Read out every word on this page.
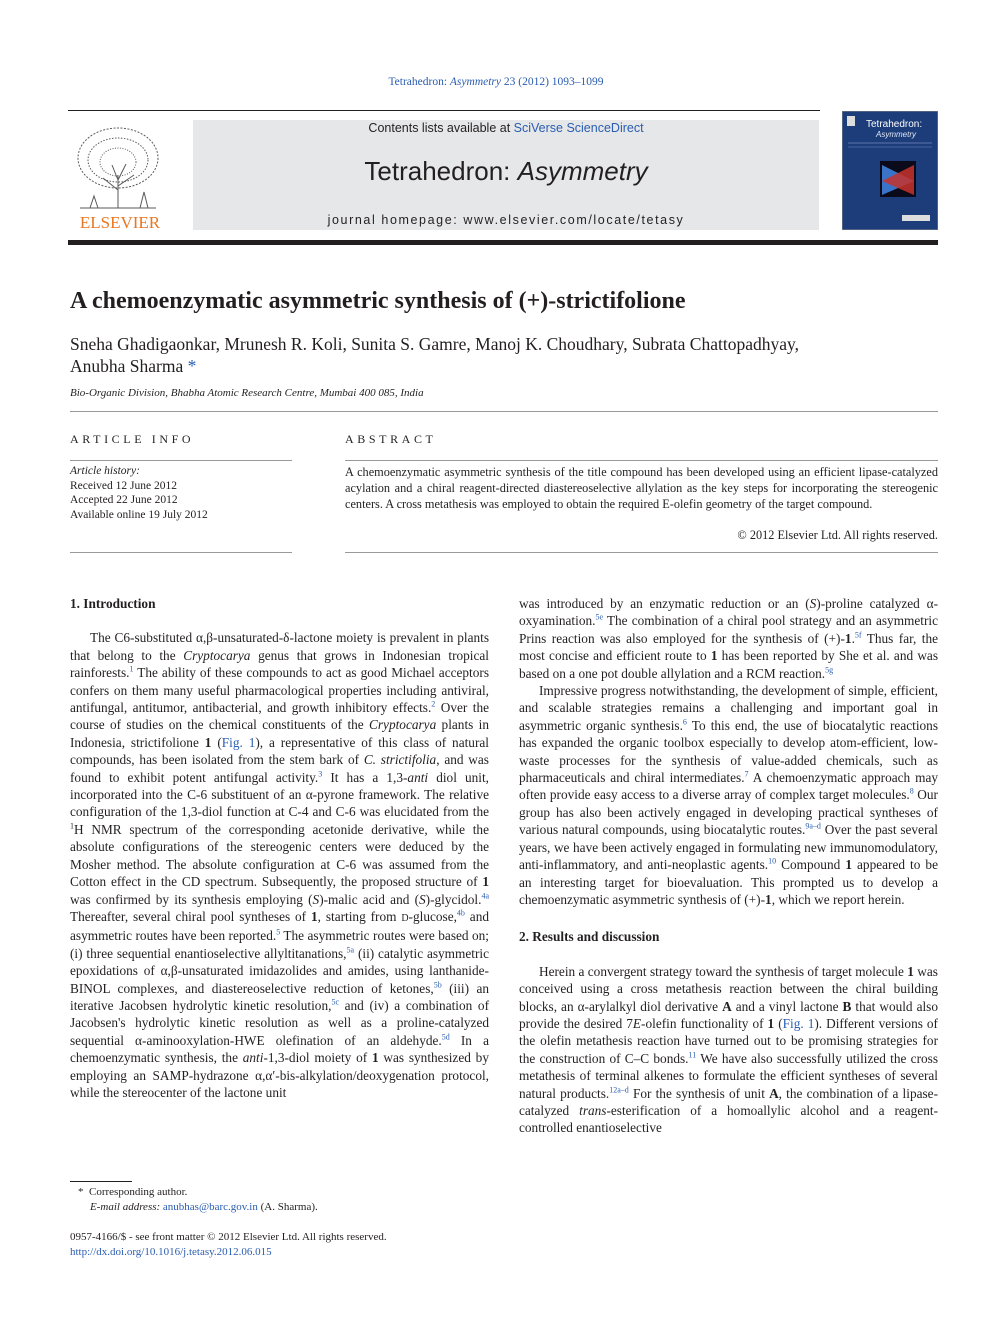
Tetrahedron: Asymmetry 23 (2012) 1093–1099
ELSEVIER
Contents lists available at SciVerse ScienceDirect
Tetrahedron: Asymmetry
journal homepage: www.elsevier.com/locate/tetasy
Tetrahedron:
Asymmetry
A chemoenzymatic asymmetric synthesis of (+)-strictifolione
Sneha Ghadigaonkar, Mrunesh R. Koli, Sunita S. Gamre, Manoj K. Choudhary, Subrata Chattopadhyay,
Anubha Sharma *
Bio-Organic Division, Bhabha Atomic Research Centre, Mumbai 400 085, India
ARTICLE INFO
Article history:
Received 12 June 2012
Accepted 22 June 2012
Available online 19 July 2012
ABSTRACT
A chemoenzymatic asymmetric synthesis of the title compound has been developed using an efficient lipase-catalyzed acylation and a chiral reagent-directed diastereoselective allylation as the key steps for incorporating the stereogenic centers. A cross metathesis was employed to obtain the required E-olefin geometry of the target compound.
© 2012 Elsevier Ltd. All rights reserved.
1. Introduction

The C6-substituted α,β-unsaturated-δ-lactone moiety is prevalent in plants that belong to the Cryptocarya genus that grows in Indonesian tropical rainforests.$^1$ The ability of these compounds to act as good Michael acceptors confers on them many useful pharmacological properties including antiviral, antifungal, antitumor, antibacterial, and growth inhibitory effects.$^2$ Over the course of studies on the chemical constituents of the Cryptocarya plants in Indonesia, strictifolione 1 (Fig. 1), a representative of this class of natural compounds, has been isolated from the stem bark of C. strictifolia, and was found to exhibit potent antifungal activity.$^3$ It has a 1,3-anti diol unit, incorporated into the C-6 substituent of an α-pyrone framework. The relative configuration of the 1,3-diol function at C-4 and C-6 was elucidated from the $^1$H NMR spectrum of the corresponding acetonide derivative, while the absolute configurations of the stereogenic centers were deduced by the Mosher method. The absolute configuration at C-6 was assumed from the Cotton effect in the CD spectrum. Subsequently, the proposed structure of 1 was confirmed by its synthesis employing (S)-malic acid and (S)-glycidol.$^{4a}$ Thereafter, several chiral pool syntheses of 1, starting from D-glucose,$^{4b}$ and asymmetric routes have been reported.$^5$ The asymmetric routes were based on; (i) three sequential enantioselective allyltitanations,$^{5a}$ (ii) catalytic asymmetric epoxidations of α,β-unsaturated imidazolides and amides, using lanthanide-BINOL complexes, and diastereoselective reduction of ketones,$^{5b}$ (iii) an iterative Jacobsen hydrolytic kinetic resolution,$^{5c}$ and (iv) a combination of Jacobsen's hydrolytic kinetic resolution as well as a proline-catalyzed sequential α-aminooxylation-HWE olefination of an aldehyde.$^{5d}$ In a chemoenzymatic synthesis, the anti-1,3-diol moiety of 1 was synthesized by employing an SAMP-hydrazone α,α′-bis-alkylation/deoxygenation protocol, while the stereocenter of the lactone unit

was introduced by an enzymatic reduction or an (S)-proline catalyzed α-oxyamination.$^{5e}$ The combination of a chiral pool strategy and an asymmetric Prins reaction was also employed for the synthesis of (+)-1.$^{5f}$ Thus far, the most concise and efficient route to 1 has been reported by She et al. and was based on a one pot double allylation and a RCM reaction.$^{5g}$

Impressive progress notwithstanding, the development of simple, efficient, and scalable strategies remains a challenging and important goal in asymmetric organic synthesis.$^6$ To this end, the use of biocatalytic reactions has expanded the organic toolbox especially to develop atom-efficient, low-waste processes for the synthesis of value-added chemicals, such as pharmaceuticals and chiral intermediates.$^7$ A chemoenzymatic approach may often provide easy access to a diverse array of complex target molecules.$^8$ Our group has also been actively engaged in developing practical syntheses of various natural compounds, using biocatalytic routes.$^{9a-d}$ Over the past several years, we have been actively engaged in formulating new immunomodulatory, anti-inflammatory, and anti-neoplastic agents.$^{10}$ Compound 1 appeared to be an interesting target for bioevaluation. This prompted us to develop a chemoenzymatic asymmetric synthesis of (+)-1, which we report herein.

2. Results and discussion

Herein a convergent strategy toward the synthesis of target molecule 1 was conceived using a cross metathesis reaction between the chiral building blocks, an α-arylalkyl diol derivative A and a vinyl lactone B that would also provide the desired 7E-olefin functionality of 1 (Fig. 1). Different versions of the olefin metathesis reaction have turned out to be promising strategies for the construction of C–C bonds.$^{11}$ We have also successfully utilized the cross metathesis of terminal alkenes to formulate the efficient syntheses of several natural products.$^{12a-d}$ For the synthesis of unit A, the combination of a lipase-catalyzed trans-esterification of a homoallylic alcohol and a reagent-controlled enantioselective

* Corresponding author.
E-mail address: anubhas@barc.gov.in (A. Sharma).
0957-4166/$ - see front matter © 2012 Elsevier Ltd. All rights reserved.
http://dx.doi.org/10.1016/j.tetasy.2012.06.015
